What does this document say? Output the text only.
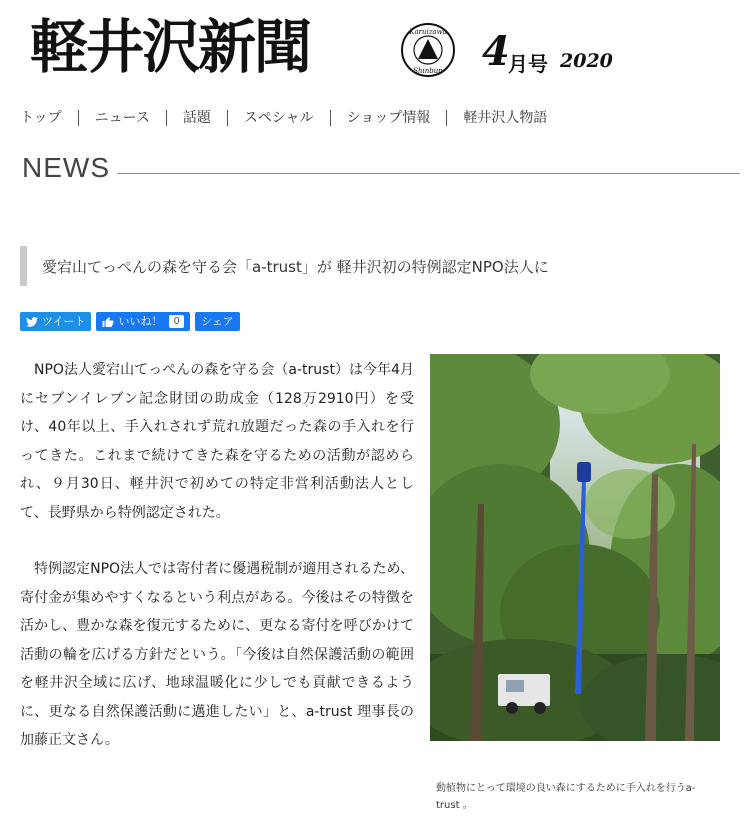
軽井沢新聞	Karuizawa
Shinbun 4
月号 2020
トップ	ニュース	話題	スペシャル	ショップ情報	軽井沢人物語
NEWS
愛宕山てっぺんの森を守る会「a-trust」が 軽井沢初の特例認定NPO法人に
ツイート	いいね！	0	シェア

NPO法人愛宕山てっぺんの森を守る会（a-trust）は今年4月にセブンイレブン記念財団の助成金（128万2910円）を受け、40年以上、手入れされず荒れ放題だった森の手入れを行ってきた。これまで続けてきた森を守るための活動が認められ、９月30日、軽井沢で初めての特定非営利活動法人として、長野県から特例認定された。

特例認定NPO法人では寄付者に優遇税制が適用されるため、寄付金が集めやすくなるという利点がある。今後はその特徴を活かし、豊かな森を復元するために、更なる寄付を呼びかけて活動の輪を広げる方針だという。「今後は自然保護活動の範囲を軽井沢全域に広げ、地球温暖化に少しでも貢献できるように、更なる自然保護活動に邁進したい」と、a-trust 理事長の加藤正文さん。

動植物にとって環境の良い森にするために手入れを行うa-trust 。
